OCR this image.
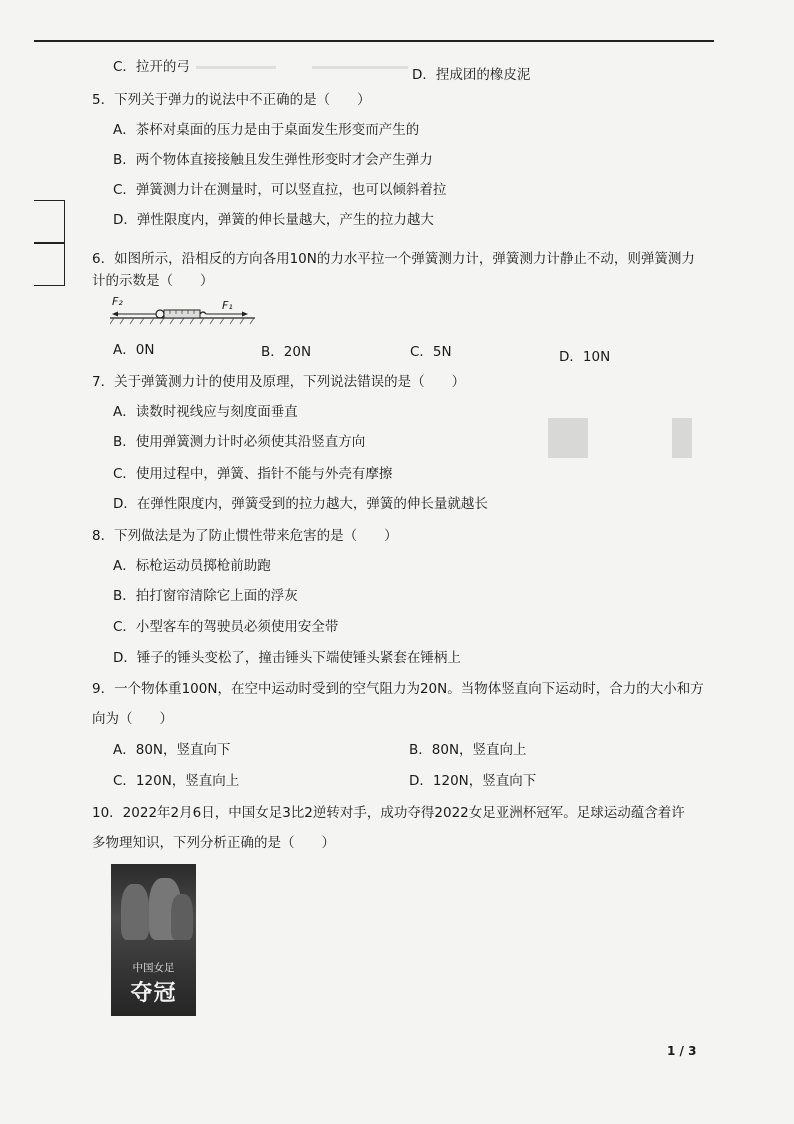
C．拉开的弓	D．捏成团的橡皮泥
5．下列关于弹力的说法中不正确的是（　　）
A．茶杯对桌面的压力是由于桌面发生形变而产生的
B．两个物体直接接触且发生弹性形变时才会产生弹力
C．弹簧测力计在测量时，可以竖直拉，也可以倾斜着拉
D．弹性限度内，弹簧的伸长量越大，产生的拉力越大
6．如图所示，沿相反的方向各用10N的力水平拉一个弹簧测力计，弹簧测力计静止不动，则弹簧测力
计的示数是（　　）
F₂	F₁
A．0N	B．20N	C．5N	D．10N
7．关于弹簧测力计的使用及原理，下列说法错误的是（　　）
A．读数时视线应与刻度面垂直
B．使用弹簧测力计时必须使其沿竖直方向
C．使用过程中，弹簧、指针不能与外壳有摩擦
D．在弹性限度内，弹簧受到的拉力越大，弹簧的伸长量就越长
8．下列做法是为了防止惯性带来危害的是（　　）
A．标枪运动员掷枪前助跑
B．拍打窗帘清除它上面的浮灰
C．小型客车的驾驶员必须使用安全带
D．锤子的锤头变松了，撞击锤头下端使锤头紧套在锤柄上
9．一个物体重100N，在空中运动时受到的空气阻力为20N。当物体竖直向下运动时，合力的大小和方
向为（　　）
A．80N，竖直向下	B．80N，竖直向上
C．120N，竖直向上	D．120N，竖直向下
10．2022年2月6日，中国女足3比2逆转对手，成功夺得2022女足亚洲杯冠军。足球运动蕴含着许
多物理知识，下列分析正确的是（　　）
中国女足
夺冠
1 / 3
